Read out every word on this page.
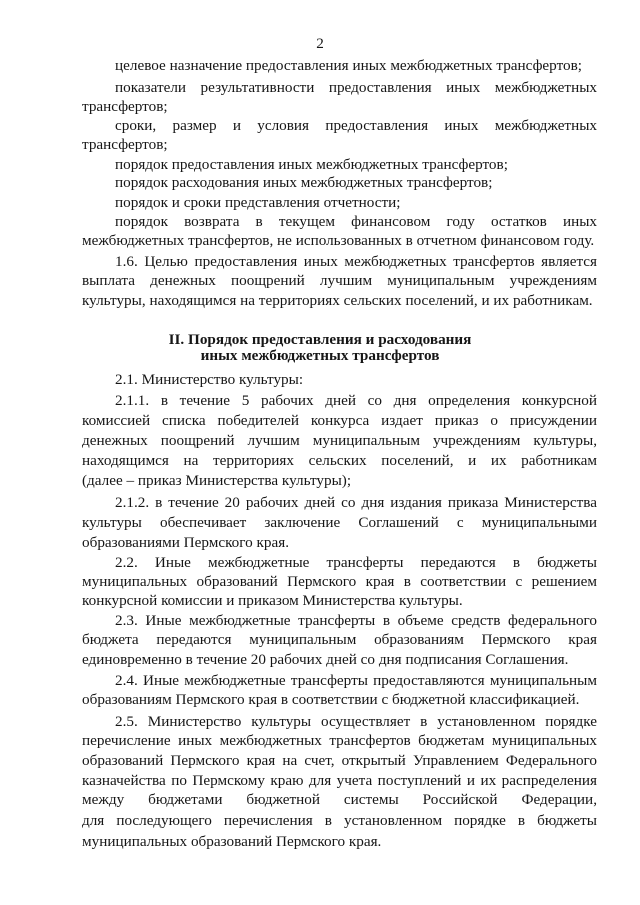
2
целевое назначение предоставления иных межбюджетных трансфертов;
показатели результативности предоставления иных межбюджетных
трансфертов;
сроки, размер и условия предоставления иных межбюджетных
трансфертов;
порядок предоставления иных межбюджетных трансфертов;
порядок расходования иных межбюджетных трансфертов;
порядок и сроки представления отчетности;
порядок возврата в текущем финансовом году остатков иных
межбюджетных трансфертов, не использованных в отчетном финансовом году.
1.6. Целью предоставления иных межбюджетных трансфертов является
выплата денежных поощрений лучшим муниципальным учреждениям
культуры, находящимся на территориях сельских поселений, и их работникам.
2.1. Министерство культуры:
2.1.1. в течение 5 рабочих дней со дня определения конкурсной
комиссией списка победителей конкурса издает приказ о присуждении
денежных поощрений лучшим муниципальным учреждениям культуры,
находящимся на территориях сельских поселений, и их работникам
(далее – приказ Министерства культуры);
2.1.2. в течение 20 рабочих дней со дня издания приказа Министерства
культуры обеспечивает заключение Соглашений с муниципальными
образованиями Пермского края.
2.2. Иные межбюджетные трансферты передаются в бюджеты
муниципальных образований Пермского края в соответствии с решением
конкурсной комиссии и приказом Министерства культуры.
2.3. Иные межбюджетные трансферты в объеме средств федерального
бюджета передаются муниципальным образованиям Пермского края
единовременно в течение 20 рабочих дней со дня подписания Соглашения.
2.4. Иные межбюджетные трансферты предоставляются муниципальным
образованиям Пермского края в соответствии с бюджетной классификацией.
2.5. Министерство культуры осуществляет в установленном порядке
перечисление иных межбюджетных трансфертов бюджетам муниципальных
образований Пермского края на счет, открытый Управлением Федерального
казначейства по Пермскому краю для учета поступлений и их распределения
между бюджетами бюджетной системы Российской Федерации,
для последующего перечисления в установленном порядке в бюджеты
муниципальных образований Пермского края.
II. Порядок предоставления и расходования
иных межбюджетных трансфертов
